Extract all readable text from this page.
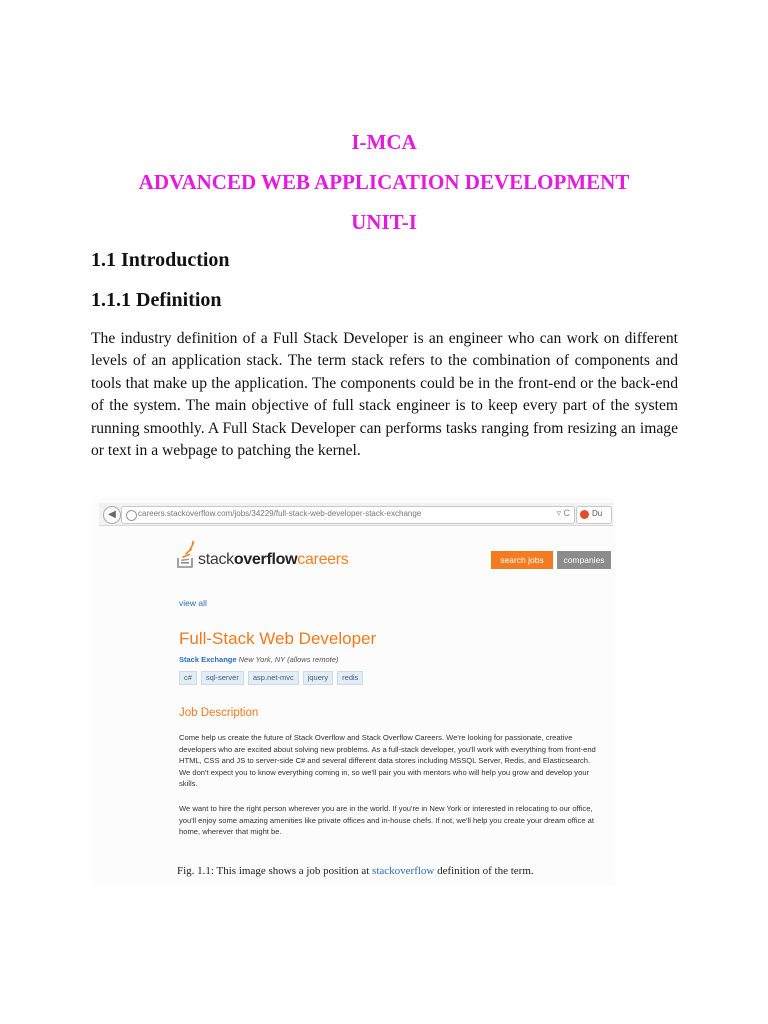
I-MCA
ADVANCED WEB APPLICATION DEVELOPMENT
UNIT-I
1.1 Introduction
1.1.1 Definition
The industry definition of a Full Stack Developer is an engineer who can work on different levels of an application stack. The term stack refers to the combination of components and tools that make up the application. The components could be in the front-end or the back-end of the system. The main objective of full stack engineer is to keep every part of the system running smoothly. A Full Stack Developer can performs tasks ranging from resizing an image or text in a webpage to patching the kernel.
◀	careers.stackoverflow.com/jobs/34229/full-stack-web-developer-stack-exchange	▿ C	Du
stackoverflowcareers	search jobs	companies
view all
Full-Stack Web Developer
Stack Exchange New York, NY (allows remote)
c#	sql-server	asp.net-mvc	jquery	redis
Job Description
Come help us create the future of Stack Overflow and Stack Overflow Careers. We're looking for passionate, creative developers who are excited about solving new problems. As a full-stack developer, you'll work with everything from front-end HTML, CSS and JS to server-side C# and several different data stores including MSSQL Server, Redis, and Elasticsearch. We don't expect you to know everything coming in, so we'll pair you with mentors who will help you grow and develop your skills.
We want to hire the right person wherever you are in the world. If you're in New York or interested in relocating to our office, you'll enjoy some amazing amenities like private offices and in-house chefs. If not, we'll help you create your dream office at home, wherever that might be.
Fig. 1.1: This image shows a job position at stackoverflow definition of the term.
